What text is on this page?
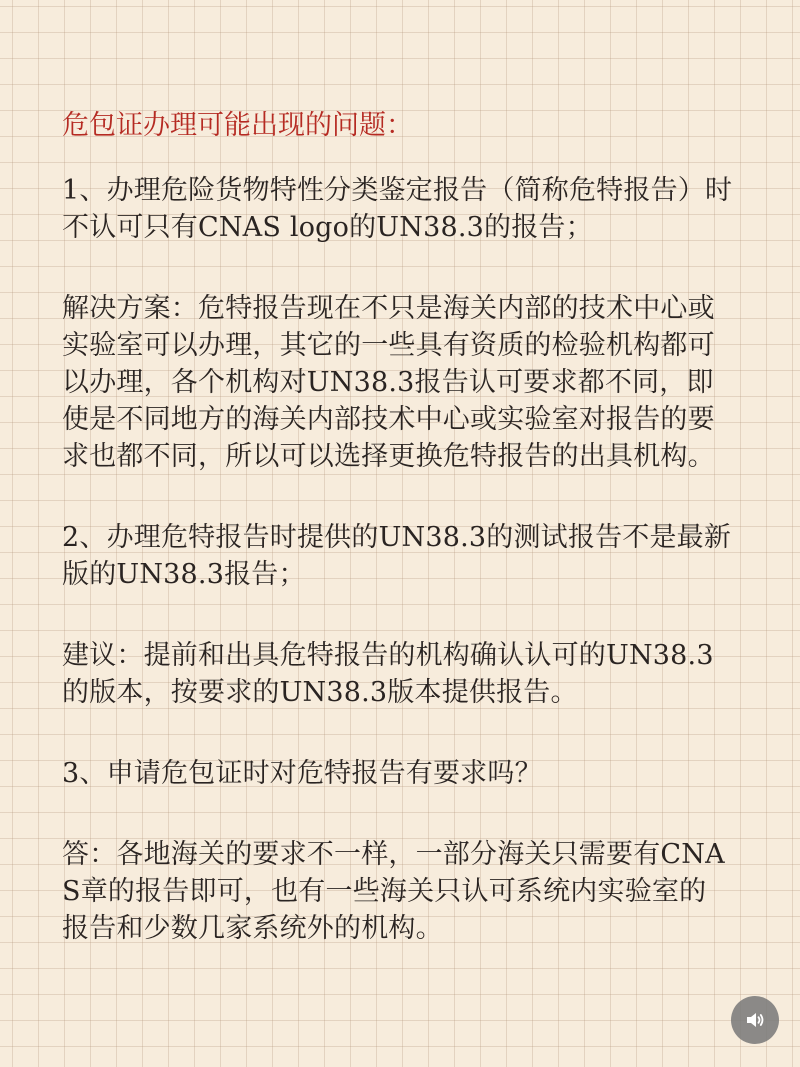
危包证办理可能出现的问题：
1、办理危险货物特性分类鉴定报告（简称危特报告）时
不认可只有CNAS logo的UN38.3的报告；
解决方案：危特报告现在不只是海关内部的技术中心或
实验室可以办理，其它的一些具有资质的检验机构都可
以办理，各个机构对UN38.3报告认可要求都不同，即
使是不同地方的海关内部技术中心或实验室对报告的要
求也都不同，所以可以选择更换危特报告的出具机构。
2、办理危特报告时提供的UN38.3的测试报告不是最新
版的UN38.3报告；
建议：提前和出具危特报告的机构确认认可的UN38.3
的版本，按要求的UN38.3版本提供报告。
3、申请危包证时对危特报告有要求吗？
答：各地海关的要求不一样，一部分海关只需要有CNA
S章的报告即可，也有一些海关只认可系统内实验室的
报告和少数几家系统外的机构。
